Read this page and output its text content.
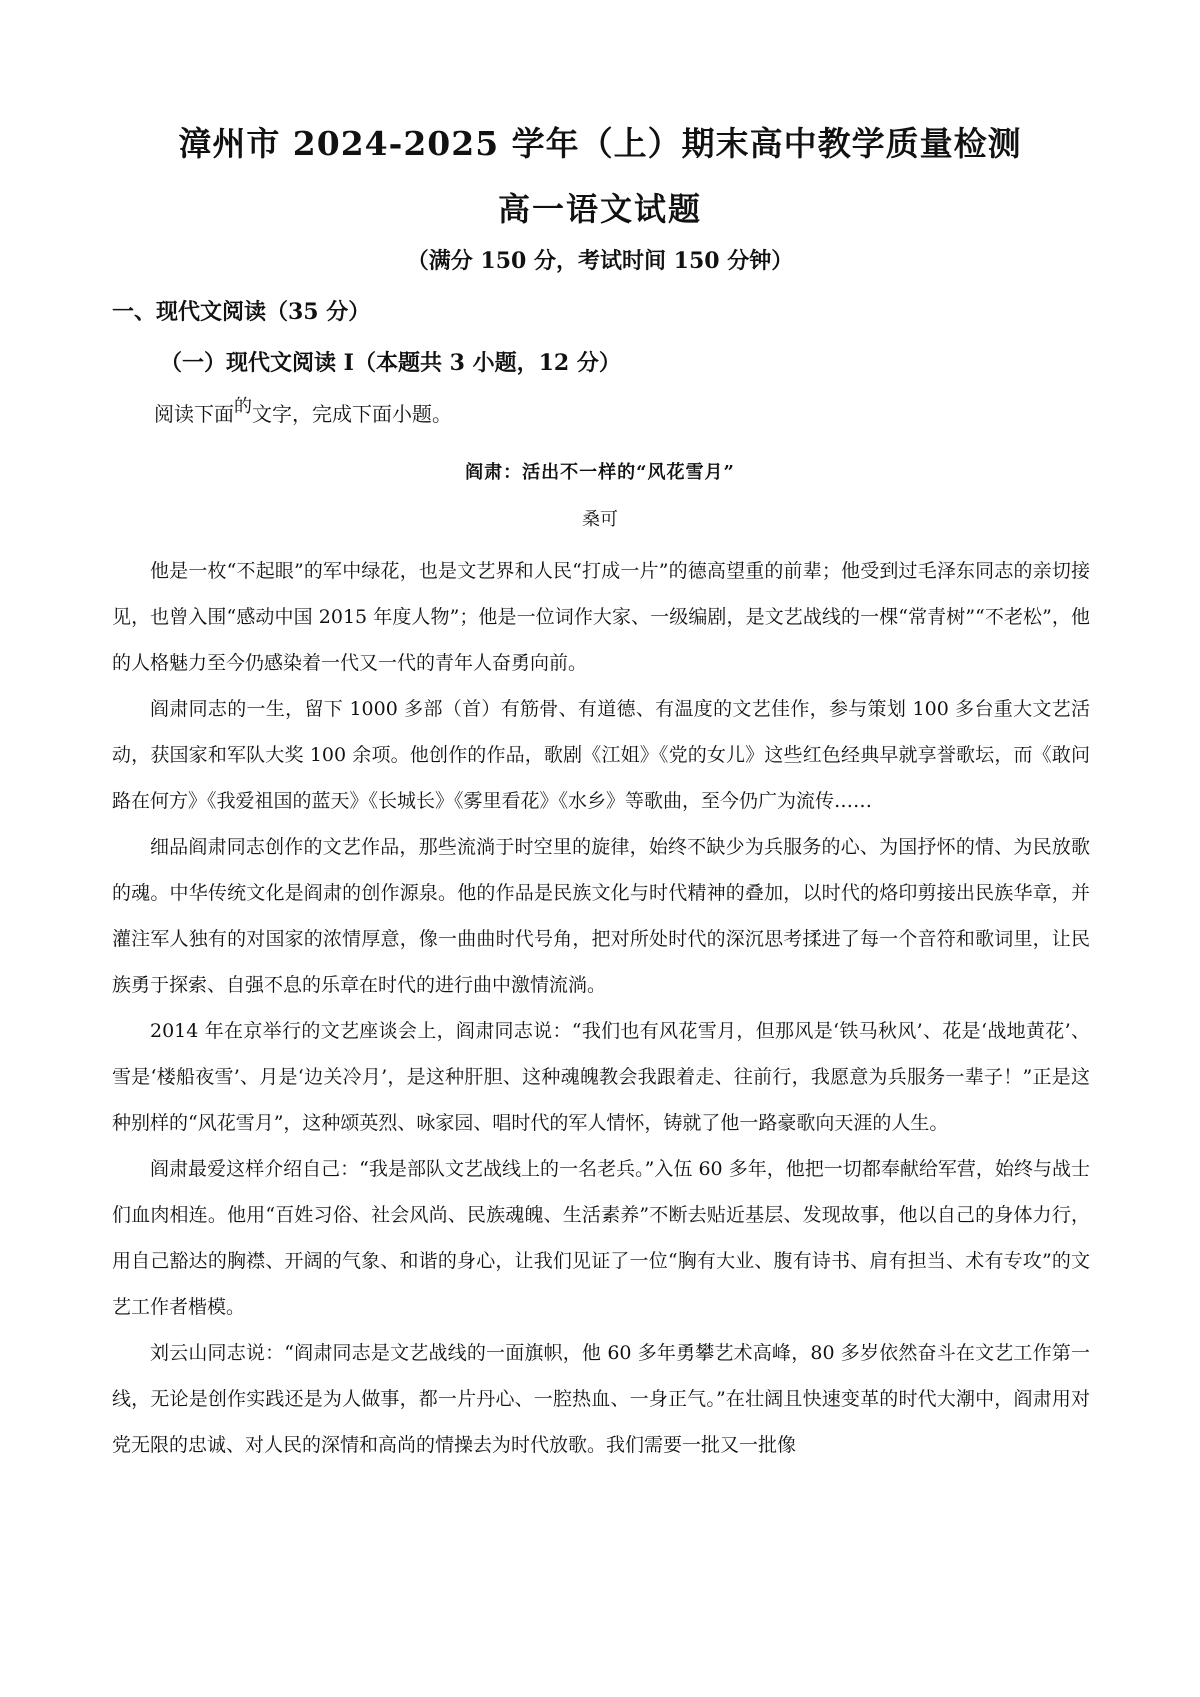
漳州市 2024-2025 学年（上）期末高中教学质量检测
高一语文试题
（满分 150 分，考试时间 150 分钟）
一、现代文阅读（35 分）
（一）现代文阅读 I（本题共 3 小题，12 分）
阅读下面的文字，完成下面小题。
阎肃：活出不一样的“风花雪月”
桑可

他是一枚“不起眼”的军中绿花，也是文艺界和人民“打成一片”的德高望重的前辈；他受到过毛泽东同志的亲切接见，也曾入围“感动中国 2015 年度人物”；他是一位词作大家、一级编剧，是文艺战线的一棵“常青树”“不老松”，他的人格魅力至今仍感染着一代又一代的青年人奋勇向前。

阎肃同志的一生，留下 1000 多部（首）有筋骨、有道德、有温度的文艺佳作，参与策划 100 多台重大文艺活动，获国家和军队大奖 100 余项。他创作的作品，歌剧《江姐》《党的女儿》这些红色经典早就享誉歌坛，而《敢问路在何方》《我爱祖国的蓝天》《长城长》《雾里看花》《水乡》等歌曲，至今仍广为流传……

细品阎肃同志创作的文艺作品，那些流淌于时空里的旋律，始终不缺少为兵服务的心、为国抒怀的情、为民放歌的魂。中华传统文化是阎肃的创作源泉。他的作品是民族文化与时代精神的叠加，以时代的烙印剪接出民族华章，并灌注军人独有的对国家的浓情厚意，像一曲曲时代号角，把对所处时代的深沉思考揉进了每一个音符和歌词里，让民族勇于探索、自强不息的乐章在时代的进行曲中激情流淌。

2014 年在京举行的文艺座谈会上，阎肃同志说：“我们也有风花雪月，但那风是‘铁马秋风’、花是‘战地黄花’、雪是‘楼船夜雪’、月是‘边关冷月’，是这种肝胆、这种魂魄教会我跟着走、往前行，我愿意为兵服务一辈子！”正是这种别样的“风花雪月”，这种颂英烈、咏家园、唱时代的军人情怀，铸就了他一路豪歌向天涯的人生。

阎肃最爱这样介绍自己：“我是部队文艺战线上的一名老兵。”入伍 60 多年，他把一切都奉献给军营，始终与战士们血肉相连。他用“百姓习俗、社会风尚、民族魂魄、生活素养”不断去贴近基层、发现故事，他以自己的身体力行，用自己豁达的胸襟、开阔的气象、和谐的身心，让我们见证了一位“胸有大业、腹有诗书、肩有担当、术有专攻”的文艺工作者楷模。

刘云山同志说：“阎肃同志是文艺战线的一面旗帜，他 60 多年勇攀艺术高峰，80 多岁依然奋斗在文艺工作第一线，无论是创作实践还是为人做事，都一片丹心、一腔热血、一身正气。”在壮阔且快速变革的时代大潮中，阎肃用对党无限的忠诚、对人民的深情和高尚的情操去为时代放歌。我们需要一批又一批像
